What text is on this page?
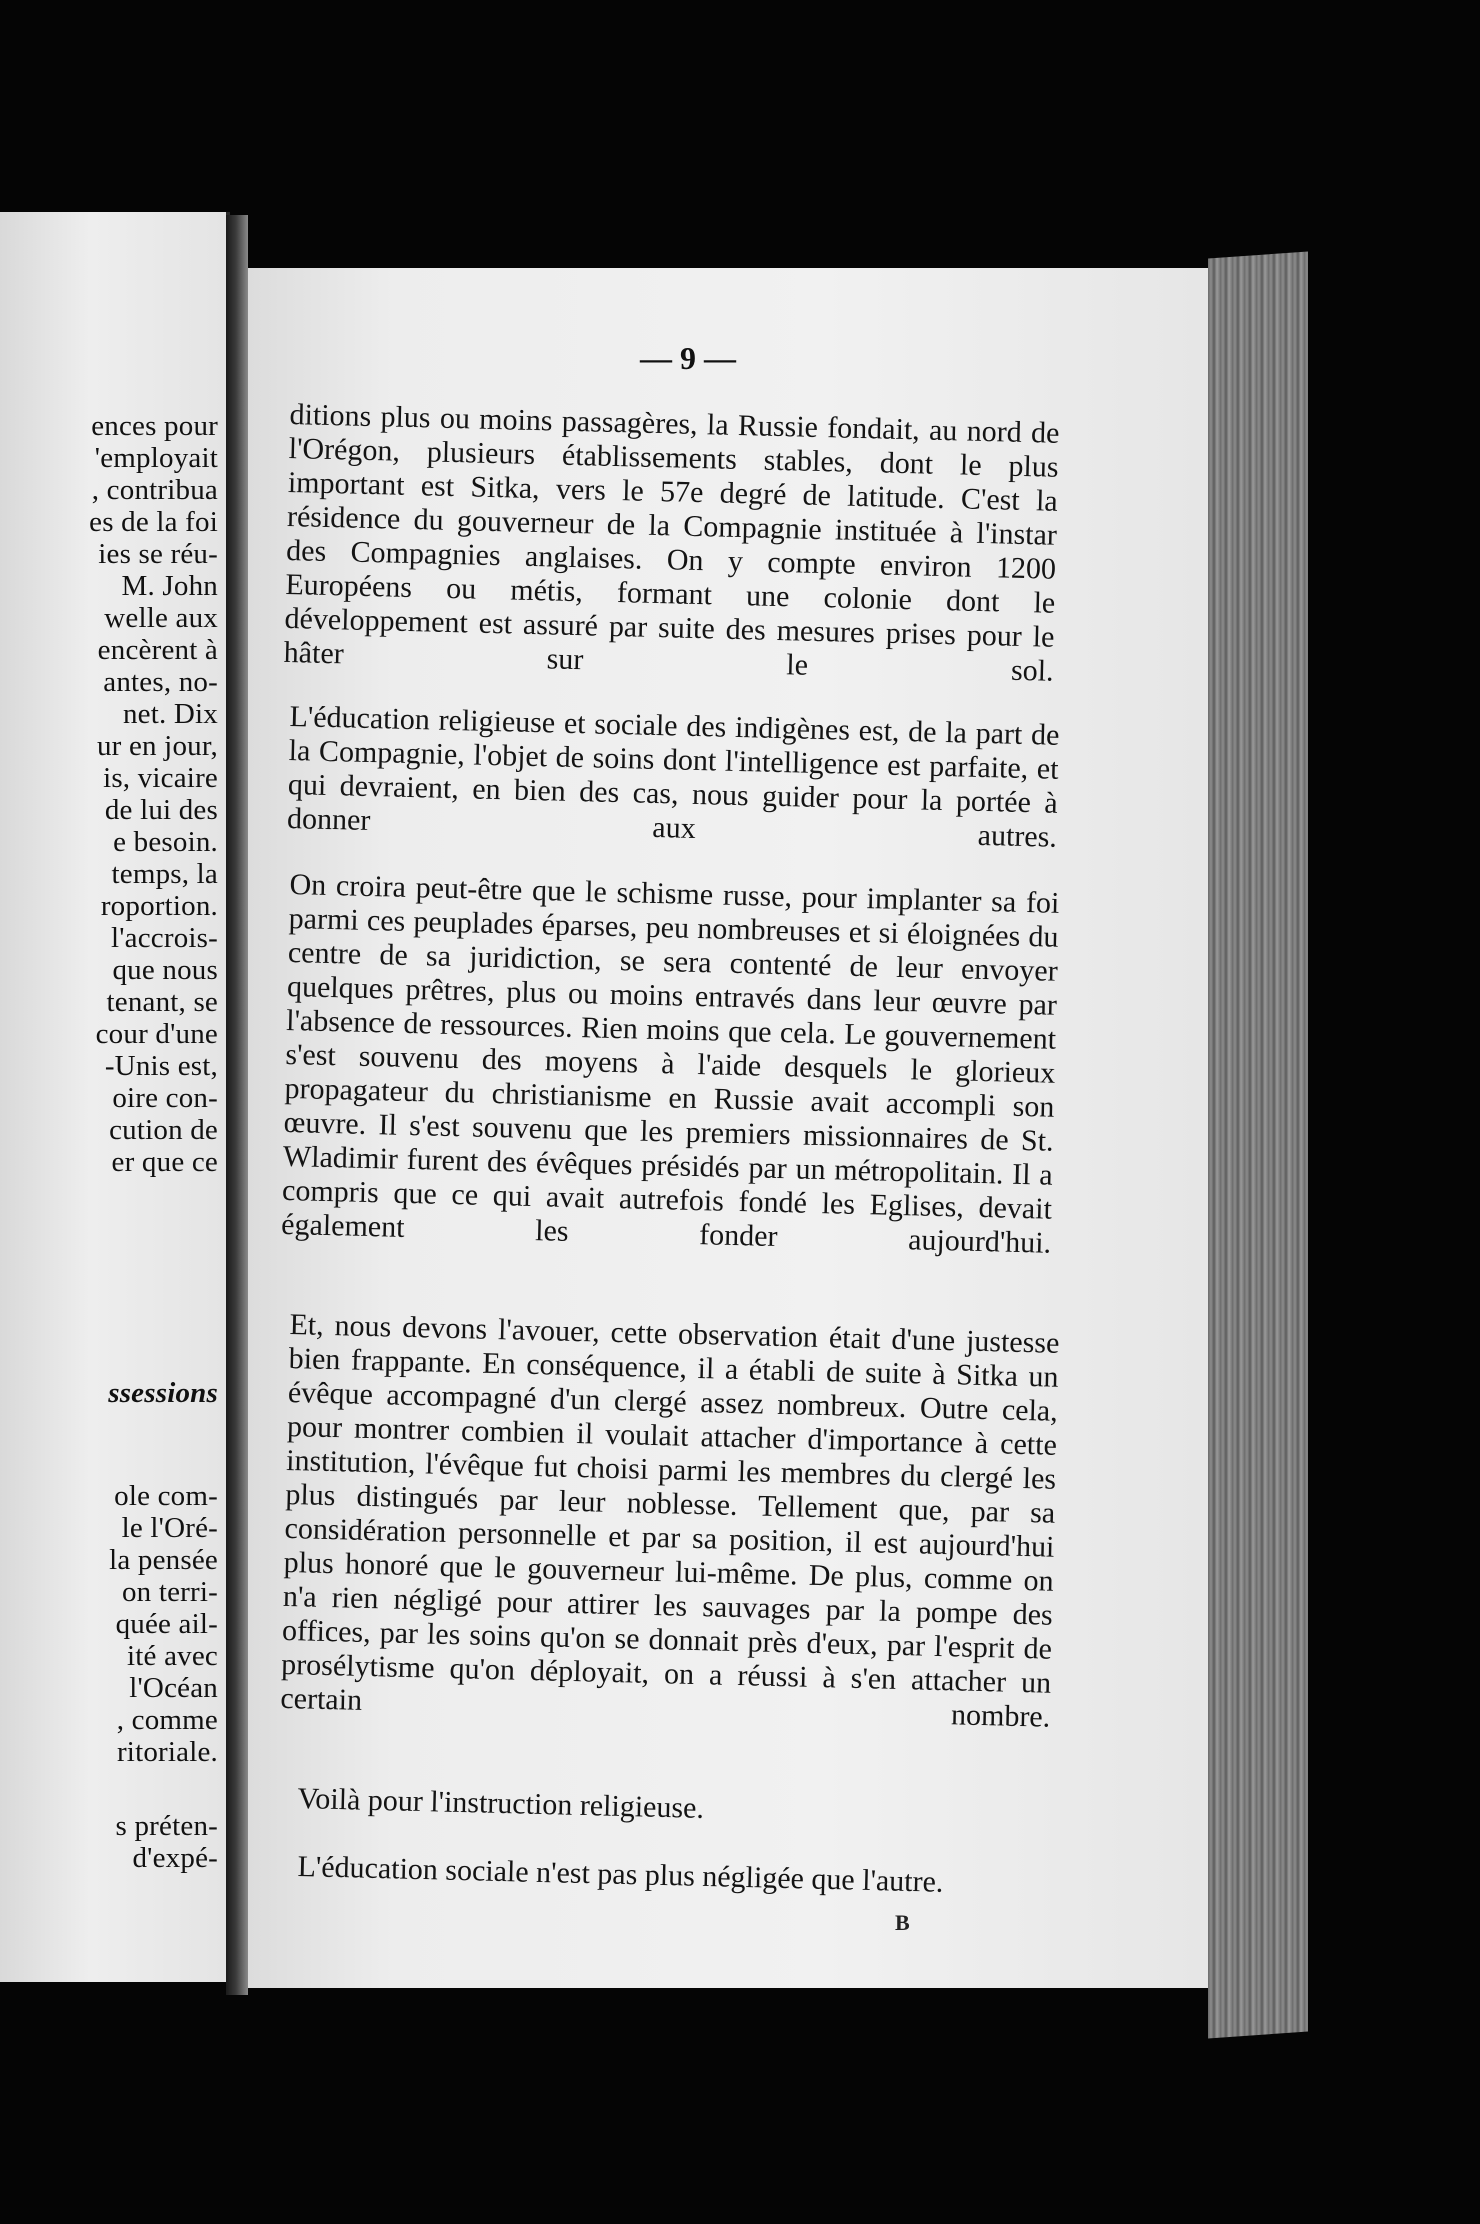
ences pour
'employait
, contribua
es de la foi
ies se réu-
M. John
welle aux
encèrent à
antes, no-
net. Dix
ur en jour,
is, vicaire
de lui des
e besoin.
temps, la
roportion.
l'accrois-
que nous
tenant, se
cour d'une
-Unis est,
oire con-
cution de
er que ce
ssessions
ole com-
le l'Oré-
la pensée
on terri-
quée ail-
ité avec
l'Océan
, comme
ritoriale.
s préten-
d'expé-
— 9 —
ditions plus ou moins passagères, la Russie fondait, au nord de l'Orégon, plusieurs établissements stables, dont le plus important est Sitka, vers le 57e degré de latitude. C'est la résidence du gouverneur de la Compagnie instituée à l'instar des Compagnies anglaises. On y compte environ 1200 Européens ou métis, formant une colonie dont le développement est assuré par suite des mesures prises pour le hâter sur le sol.
L'éducation religieuse et sociale des indigènes est, de la part de la Compagnie, l'objet de soins dont l'intelligence est parfaite, et qui devraient, en bien des cas, nous guider pour la portée à donner aux autres.
On croira peut-être que le schisme russe, pour implanter sa foi parmi ces peuplades éparses, peu nombreuses et si éloignées du centre de sa juridiction, se sera contenté de leur envoyer quelques prêtres, plus ou moins entravés dans leur œuvre par l'absence de ressources. Rien moins que cela. Le gouvernement s'est souvenu des moyens à l'aide desquels le glorieux propagateur du christianisme en Russie avait accompli son œuvre. Il s'est souvenu que les premiers missionnaires de St. Wladimir furent des évêques présidés par un métropolitain. Il a compris que ce qui avait autrefois fondé les Eglises, devait également les fonder aujourd'hui.
Et, nous devons l'avouer, cette observation était d'une justesse bien frappante. En conséquence, il a établi de suite à Sitka un évêque accompagné d'un clergé assez nombreux. Outre cela, pour montrer combien il voulait attacher d'importance à cette institution, l'évêque fut choisi parmi les membres du clergé les plus distingués par leur noblesse. Tellement que, par sa considération personnelle et par sa position, il est aujourd'hui plus honoré que le gouverneur lui-même. De plus, comme on n'a rien négligé pour attirer les sauvages par la pompe des offices, par les soins qu'on se donnait près d'eux, par l'esprit de prosélytisme qu'on déployait, on a réussi à s'en attacher un certain nombre.
Voilà pour l'instruction religieuse.
L'éducation sociale n'est pas plus négligée que l'autre.
B
